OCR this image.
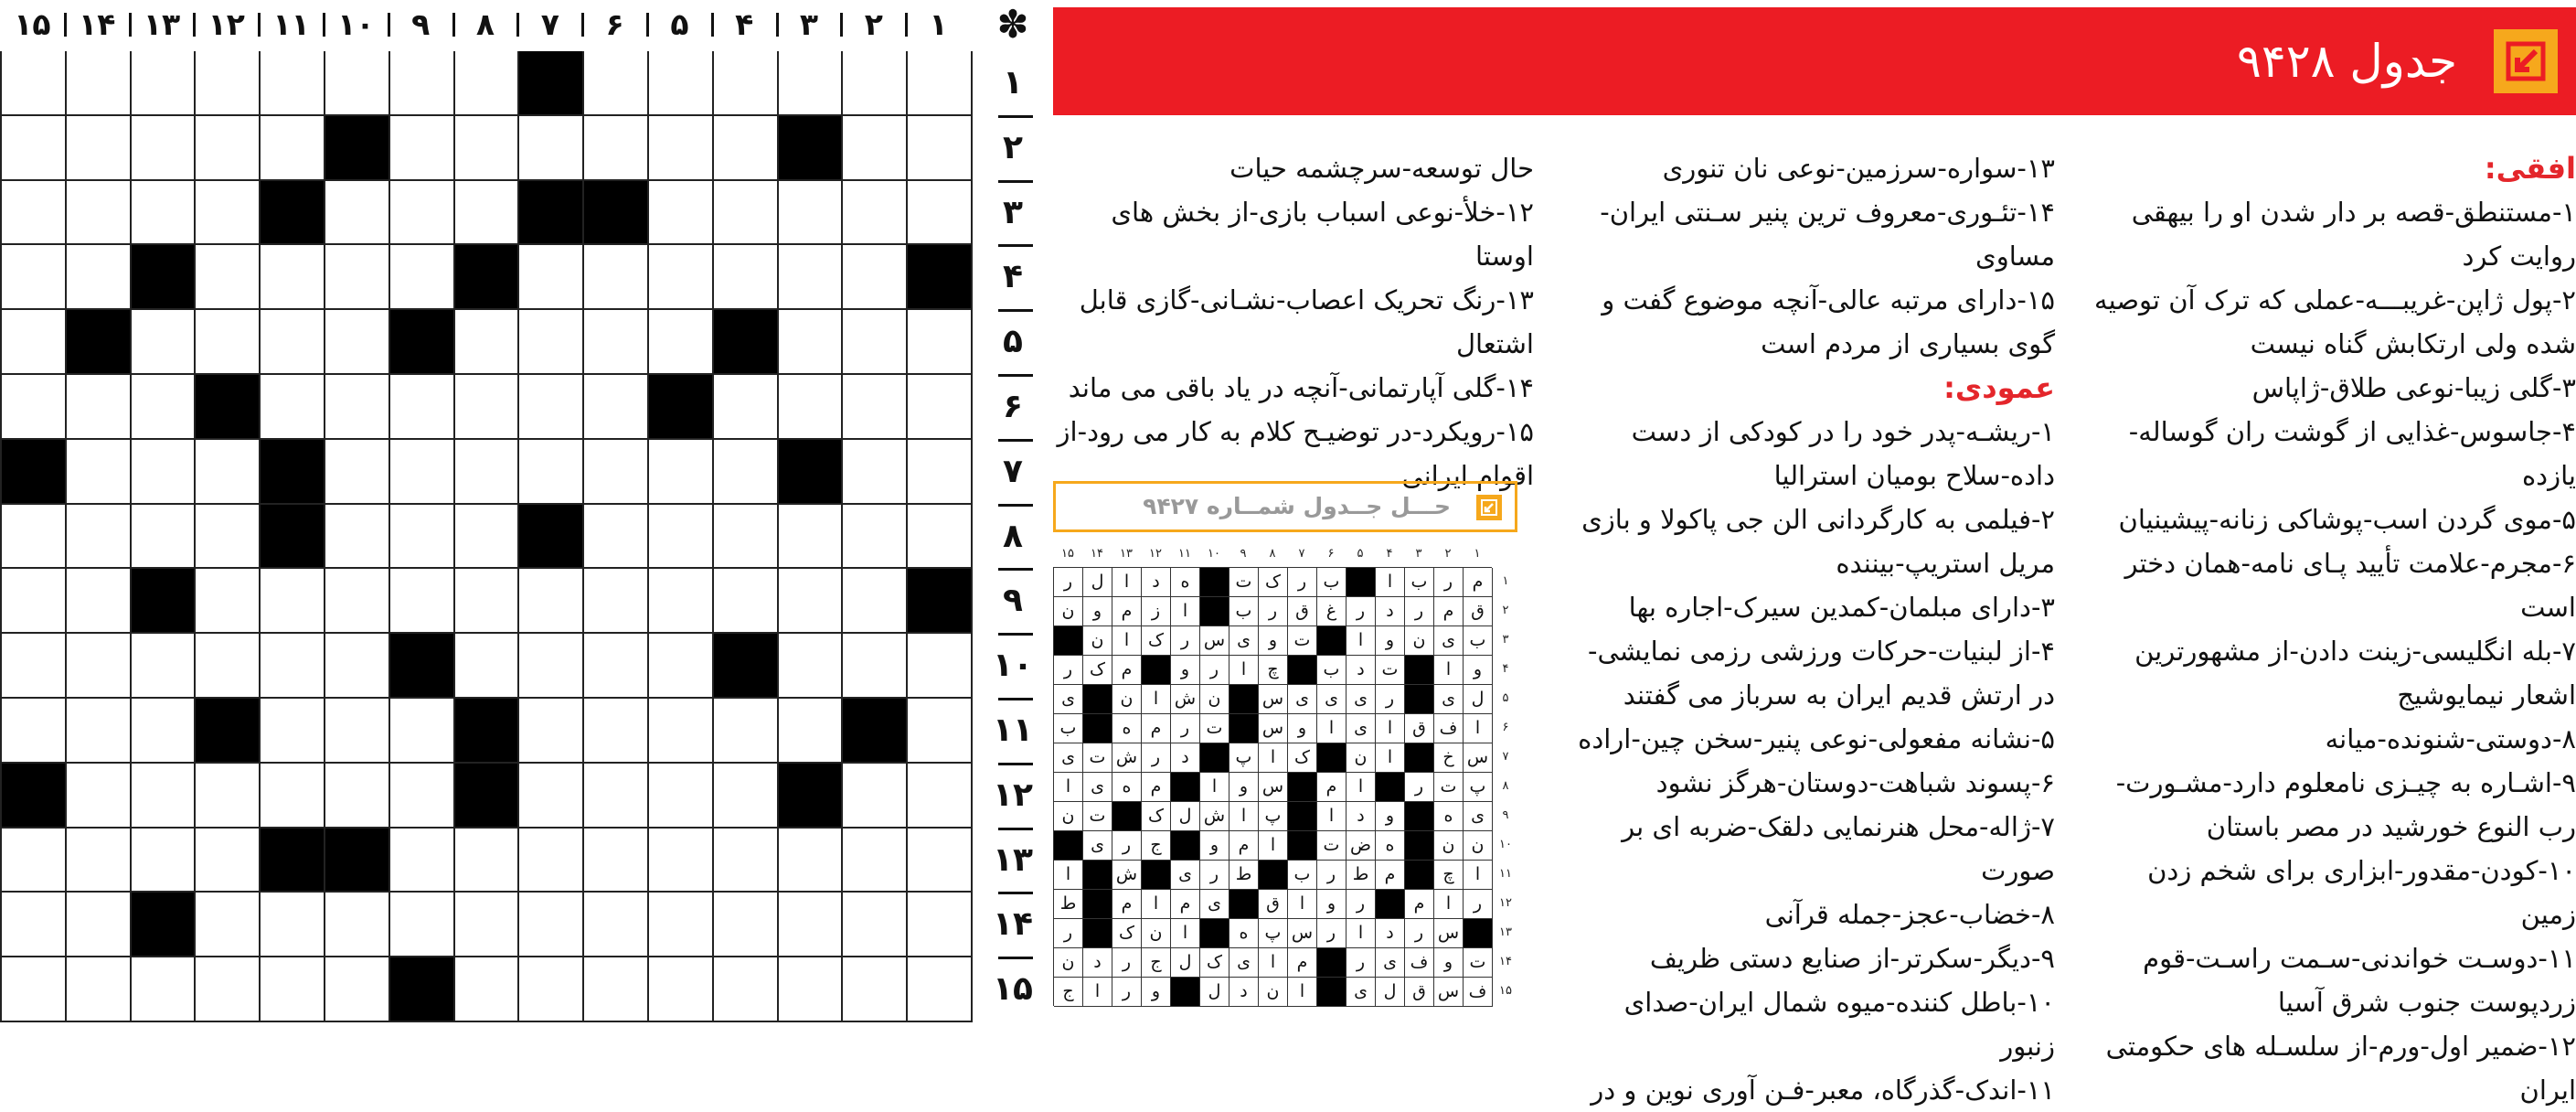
۱
۲
۳
۴
۵
۶
۷
۸
۹
۱۰
۱۱
۱۲
۱۳
۱۴
۱۵	✽
۱
۲
۳
۴
۵
۶
۷
۸
۹
۱۰
۱۱
۱۲
۱۳
۱۴
۱۵
جدول ۹۴۲۸
افقی:

۱-مستنطق-قصه بر دار شدن او را بیهقی روایت کرد

۲-پول ژاپن-غریبـــه-عملی که ترک آن توصیه شده ولی ارتکابش گناه نیست

۳-گلی زیبا-نوعی طلاق-ژاپاس

۴-جاسوس-غذایی از گوشت ران گوساله-یازده

۵-موی گردن اسب-پوشاکی زنانه-پیشینیان

۶-مجرم-علامت تأیید پـای نامه-همان دختر است

۷-بله انگلیسی-زینت دادن-از مشهورترین اشعار نیمایوشیج

۸-دوستی-شنونده-میانه

۹-اشـاره به چیـزی نامعلوم دارد-مشـورت-رب النوع خورشید در مصر باستان

۱۰-کودن-مقدور-ابزاری برای شخم زدن زمین

۱۱-دوسـت خواندنی-سـمت راسـت-قوم زردپوست جنوب شرق آسیا

۱۲-ضمیر اول-ورم-از سلسـله های حکومتی ایران

۱۳-سواره-سرزمین-نوعی نان تنوری

۱۴-تئـوری-معروف ترین پنیر سـنتی ایران-مساوی

۱۵-دارای مرتبه عالی-آنچه موضوع گفت و گوی بسیاری از مردم است

عمودی:

۱-ریشـه-پدر خود را در کودکی از دست داده-سلاح بومیان استرالیا

۲-فیلمی به کارگردانی الن جی پاکولا و بازی مریل استریپ-بیننده

۳-دارای مبلمان-کمدین سیرک-اجاره بها

۴-از لبنیات-حرکات ورزشی رزمی نمایشی-در ارتش قدیم ایران به سرباز می گفتند

۵-نشانه مفعولی-نوعی پنیر-سخن چین-اراده

۶-پسوند شباهت-دوستان-هرگز نشود

۷-ژاله-محل هنرنمایی دلقک-ضربه ای بر صورت

۸-خضاب-عجز-جمله قرآنی

۹-دیگر-سکرتر-از صنایع دستی ظریف

۱۰-باطل کننده-میوه شمال ایران-صدای زنبور

۱۱-اندک-گذرگاه، معبر-فـن آوری نوین و در

حال توسعه-سرچشمه حیات

۱۲-خلأ-نوعی اسباب بازی-از بخش های اوستا

۱۳-رنگ تحریک اعصاب-نشـانی-گازی قابل اشتعال

۱۴-گلی آپارتمانی-آنچه در یاد باقی می ماند

۱۵-رویکرد-در توضیـح کلام به کار می رود-از اقوام ایرانی

حـــل جــدول شمــاره ۹۴۲۷
۱
۲
۳
۴
۵
۶
۷
۸
۹
۱۰
۱۱
۱۲
۱۳
۱۴
۱۵
م
ر
ب
ا
ب
ر
ک
ت
ه
د
ا
ل
ر
ق
م
ر
د
ر
غ
ق
ر
ب
ا
ز
م
و
ن
ب
ی
ن
و
ا
ت
و
ی
س
ر
ک
ا
ن
و
ا
ت
د
ب
چ
ا
ر
و
م
ک
ر
ل
ی
ر
ی
ی
ی
س
ن
ش
ا
ن
ی
ا
ف
ق
ا
ی
ا
و
س
ت
ر
م
ه
ب
س
خ
ا
ن
ک
ا
پ
د
ر
ش
ت
ی
پ
ت
ر
ا
م
س
و
ا
م
ه
ی
ا
ی
ه
و
د
ا
پ
ا
ش
ل
ک
ت
ن
ن
ن
ه
ض
ت
ا
م
و
ج
ر
ی
ا
چ
م
ط
ر
ب
ط
ر
ی
ش
ا
ر
ا
م
ر
و
ا
ق
ی
م
ا
م
ط
س
ر
د
ا
ر
س
پ
ه
ا
ن
ک
ر
ت
و
ف
ی
ر
م
ا
ی
ک
ل
ج
ر
د
ن
ف
س
ق
ل
ی
ا
ن
د
ل
و
ر
ا
ج
۱
۲
۳
۴
۵
۶
۷
۸
۹
۱۰
۱۱
۱۲
۱۳
۱۴
۱۵
